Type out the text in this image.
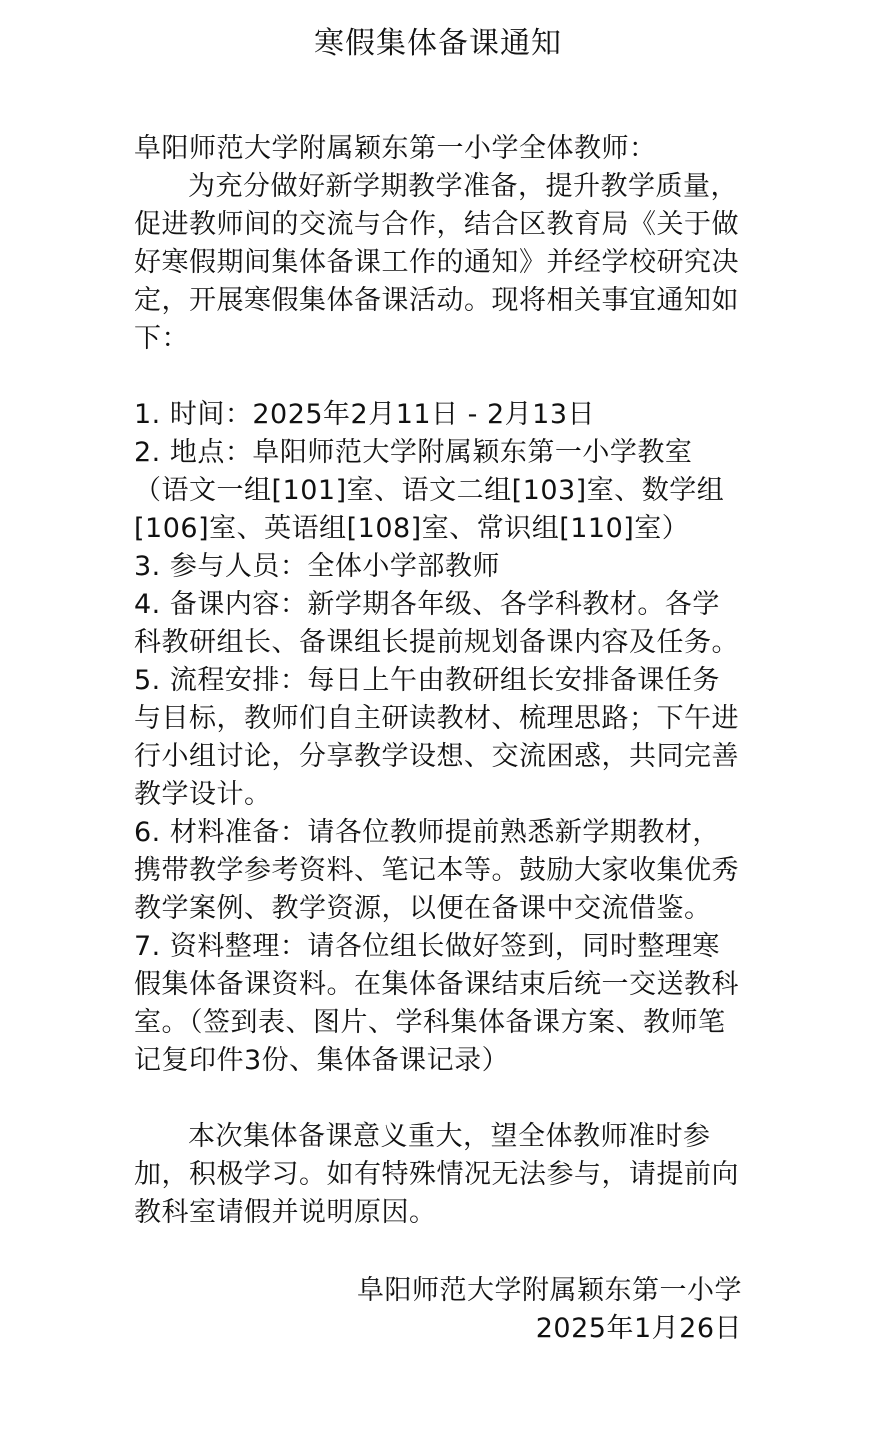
寒假集体备课通知

阜阳师范大学附属颖东第一小学全体教师：

为充分做好新学期教学准备，提升教学质量，促进教师间的交流与合作，结合区教育局《关于做好寒假期间集体备课工作的通知》并经学校研究决定，开展寒假集体备课活动。现将相关事宜通知如下：

1. 时间：2025年2月11日 - 2月13日

2. 地点：阜阳师范大学附属颖东第一小学教室

（语文一组[101]室、语文二组[103]室、数学组[106]室、英语组[108]室、常识组[110]室）

3. 参与人员：全体小学部教师

4. 备课内容：新学期各年级、各学科教材。各学科教研组长、备课组长提前规划备课内容及任务。

5. 流程安排：每日上午由教研组长安排备课任务与目标，教师们自主研读教材、梳理思路；下午进行小组讨论，分享教学设想、交流困惑，共同完善教学设计。

6. 材料准备：请各位教师提前熟悉新学期教材，携带教学参考资料、笔记本等。鼓励大家收集优秀教学案例、教学资源，以便在备课中交流借鉴。

7. 资料整理：请各位组长做好签到，同时整理寒假集体备课资料。在集体备课结束后统一交送教科室。（签到表、图片、学科集体备课方案、教师笔记复印件3份、集体备课记录）

本次集体备课意义重大，望全体教师准时参加，积极学习。如有特殊情况无法参与，请提前向教科室请假并说明原因。

阜阳师范大学附属颖东第一小学

2025年1月26日
